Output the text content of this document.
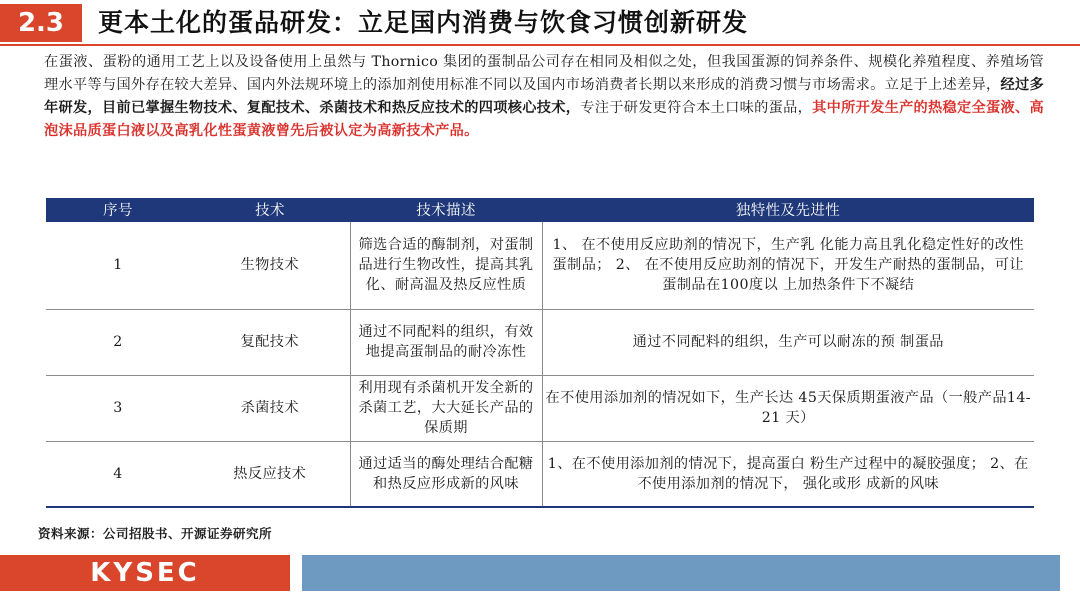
2.3	更本土化的蛋品研发：立足国内消费与饮食习惯创新研发
在蛋液、蛋粉的通用工艺上以及设备使用上虽然与 Thornico 集团的蛋制品公司存在相同及相似之处，但我国蛋源的饲养条件、规模化养殖程度、养殖场管理水平等与国外存在较大差异、国内外法规环境上的添加剂使用标准不同以及国内市场消费者长期以来形成的消费习惯与市场需求。立足于上述差异，经过多年研发，目前已掌握生物技术、复配技术、杀菌技术和热反应技术的四项核心技术，专注于研发更符合本土口味的蛋品，其中所开发生产的热稳定全蛋液、高泡沫品质蛋白液以及高乳化性蛋黄液曾先后被认定为高新技术产品。
序号	技术	技术描述	独特性及先进性
1	生物技术	筛选合适的酶制剂，对蛋制品进行生物改性，提高其乳化、耐高温及热反应性质	1、 在不使用反应助剂的情况下，生产乳 化能力高且乳化稳定性好的改性蛋制品； 2、 在不使用反应助剂的情况下，开发生产耐热的蛋制品，可让蛋制品在100度以 上加热条件下不凝结
2	复配技术	通过不同配料的组织，有效地提高蛋制品的耐冷冻性	通过不同配料的组织，生产可以耐冻的预 制蛋品
3	杀菌技术	利用现有杀菌机开发全新的杀菌工艺，大大延长产品的保质期	在不使用添加剂的情况如下，生产长达 45天保质期蛋液产品（一般产品14-21 天）
4	热反应技术	通过适当的酶处理结合配糖和热反应形成新的风味	1、在不使用添加剂的情况下，提高蛋白 粉生产过程中的凝胶强度； 2、在不使用添加剂的情况下， 强化或形 成新的风味
资料来源：公司招股书、开源证券研究所
KYSEC
